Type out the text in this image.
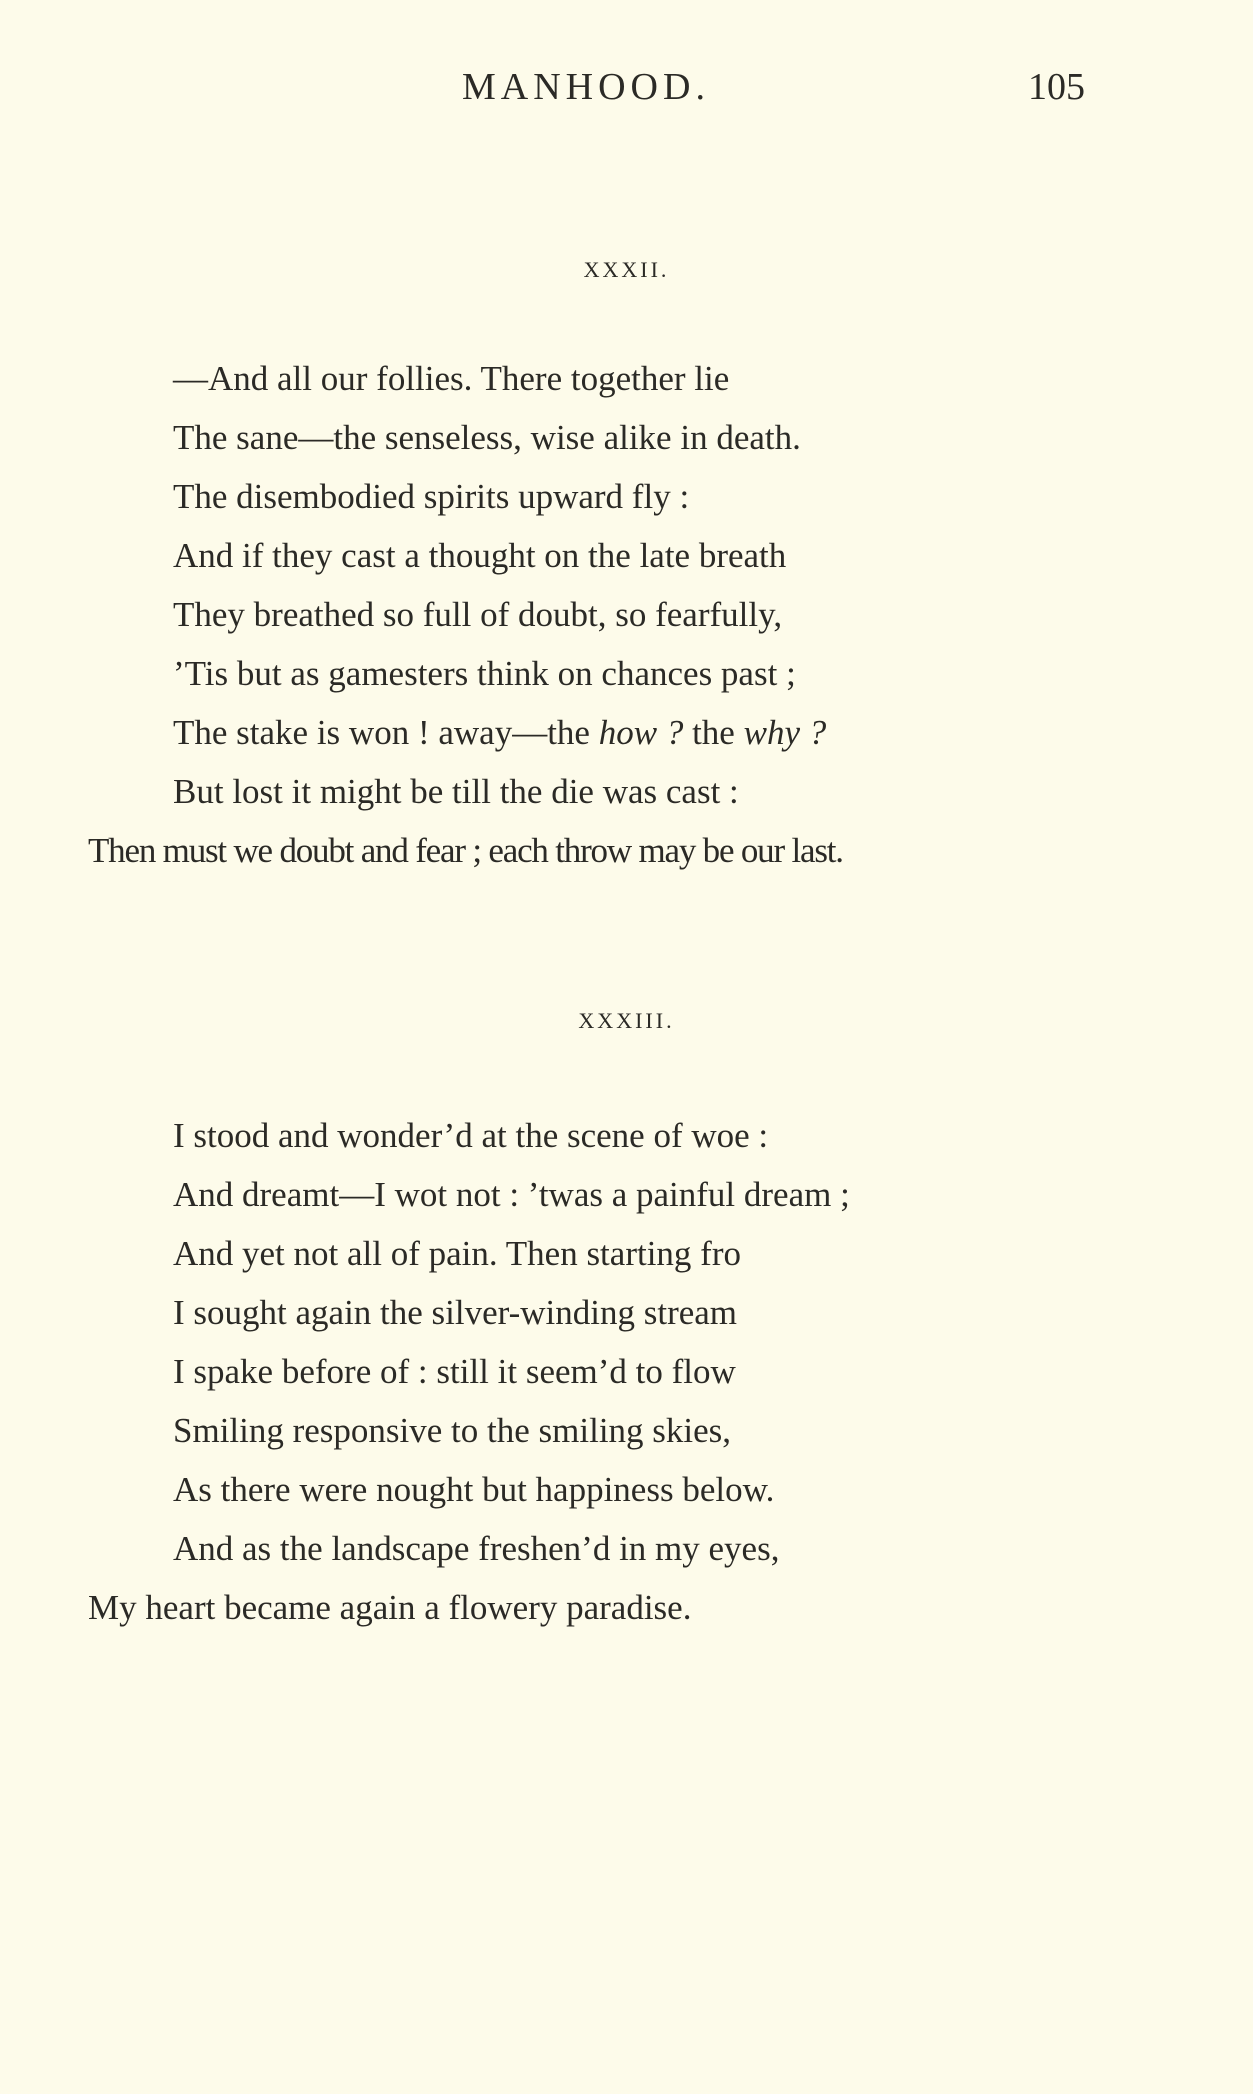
MANHOOD.	105
XXXII.
—And all our follies. There together lie
The sane—the senseless, wise alike in death.
The disembodied spirits upward fly :
And if they cast a thought on the late breath
They breathed so full of doubt, so fearfully,
’Tis but as gamesters think on chances past ;
The stake is won ! away—the how ? the why ?
But lost it might be till the die was cast :
Then must we doubt and fear ; each throw may be our last.
XXXIII.
I stood and wonder’d at the scene of woe :
And dreamt—I wot not : ’twas a painful dream ;
And yet not all of pain. Then starting fro
I sought again the silver-winding stream
I spake before of : still it seem’d to flow
Smiling responsive to the smiling skies,
As there were nought but happiness below.
And as the landscape freshen’d in my eyes,
My heart became again a flowery paradise.
